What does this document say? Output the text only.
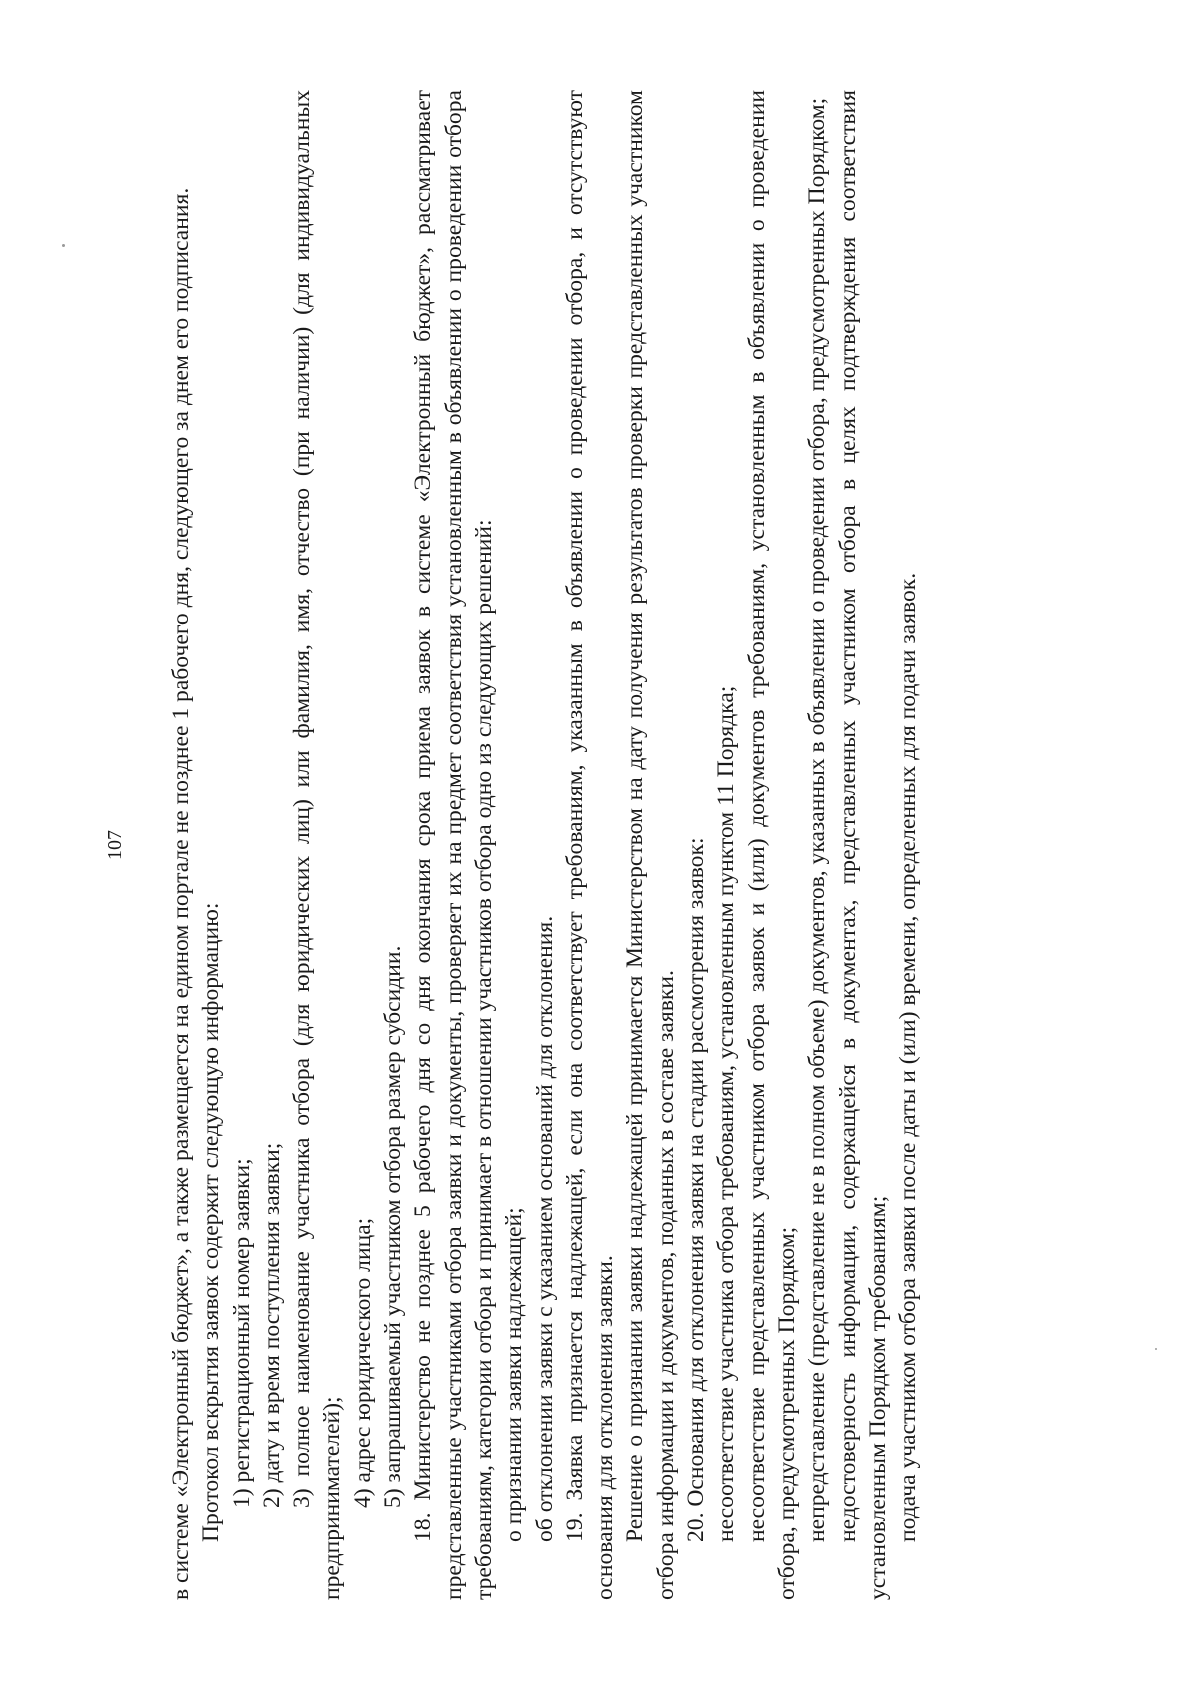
107 в системе «Электронный бюджет», а также размещается на едином портале не позднее 1 рабочего дня, следующего за днем его подписания. Протокол вскрытия заявок содержит следующую информацию: 1) регистрационный номер заявки; 2) дату и время поступления заявки; 3) полное наименование участника отбора (для юридических лиц) или фамилия, имя, отчество (при наличии) (для индивидуальных предпринимателей); 4) адрес юридического лица; 5) запрашиваемый участником отбора размер субсидии. 18. Министерство не позднее 5 рабочего дня со дня окончания срока приема заявок в системе «Электронный бюджет», рассматривает представленные участниками отбора заявки и документы, проверяет их на предмет соответствия установленным в объявлении о проведении отбора требованиям, категории отбора и принимает в отношении участников отбора одно из следующих решений: о признании заявки надлежащей; об отклонении заявки с указанием оснований для отклонения. 19. Заявка признается надлежащей, если она соответствует требованиям, указанным в объявлении о проведении отбора, и отсутствуют основания для отклонения заявки. Решение о признании заявки надлежащей принимается Министерством на дату получения результатов проверки представленных участником отбора информации и документов, поданных в составе заявки. 20. Основания для отклонения заявки на стадии рассмотрения заявок: несоответствие участника отбора требованиям, установленным пунктом 11 Порядка; несоответствие представленных участником отбора заявок и (или) документов требованиям, установленным в объявлении о проведении отбора, предусмотренных Порядком; непредставление (представление не в полном объеме) документов, указанных в объявлении о проведении отбора, предусмотренных Порядком; недостоверность информации, содержащейся в документах, представленных участником отбора в целях подтверждения соответствия установленным Порядком требованиям; подача участником отбора заявки после даты и (или) времени, определенных для подачи заявок.
